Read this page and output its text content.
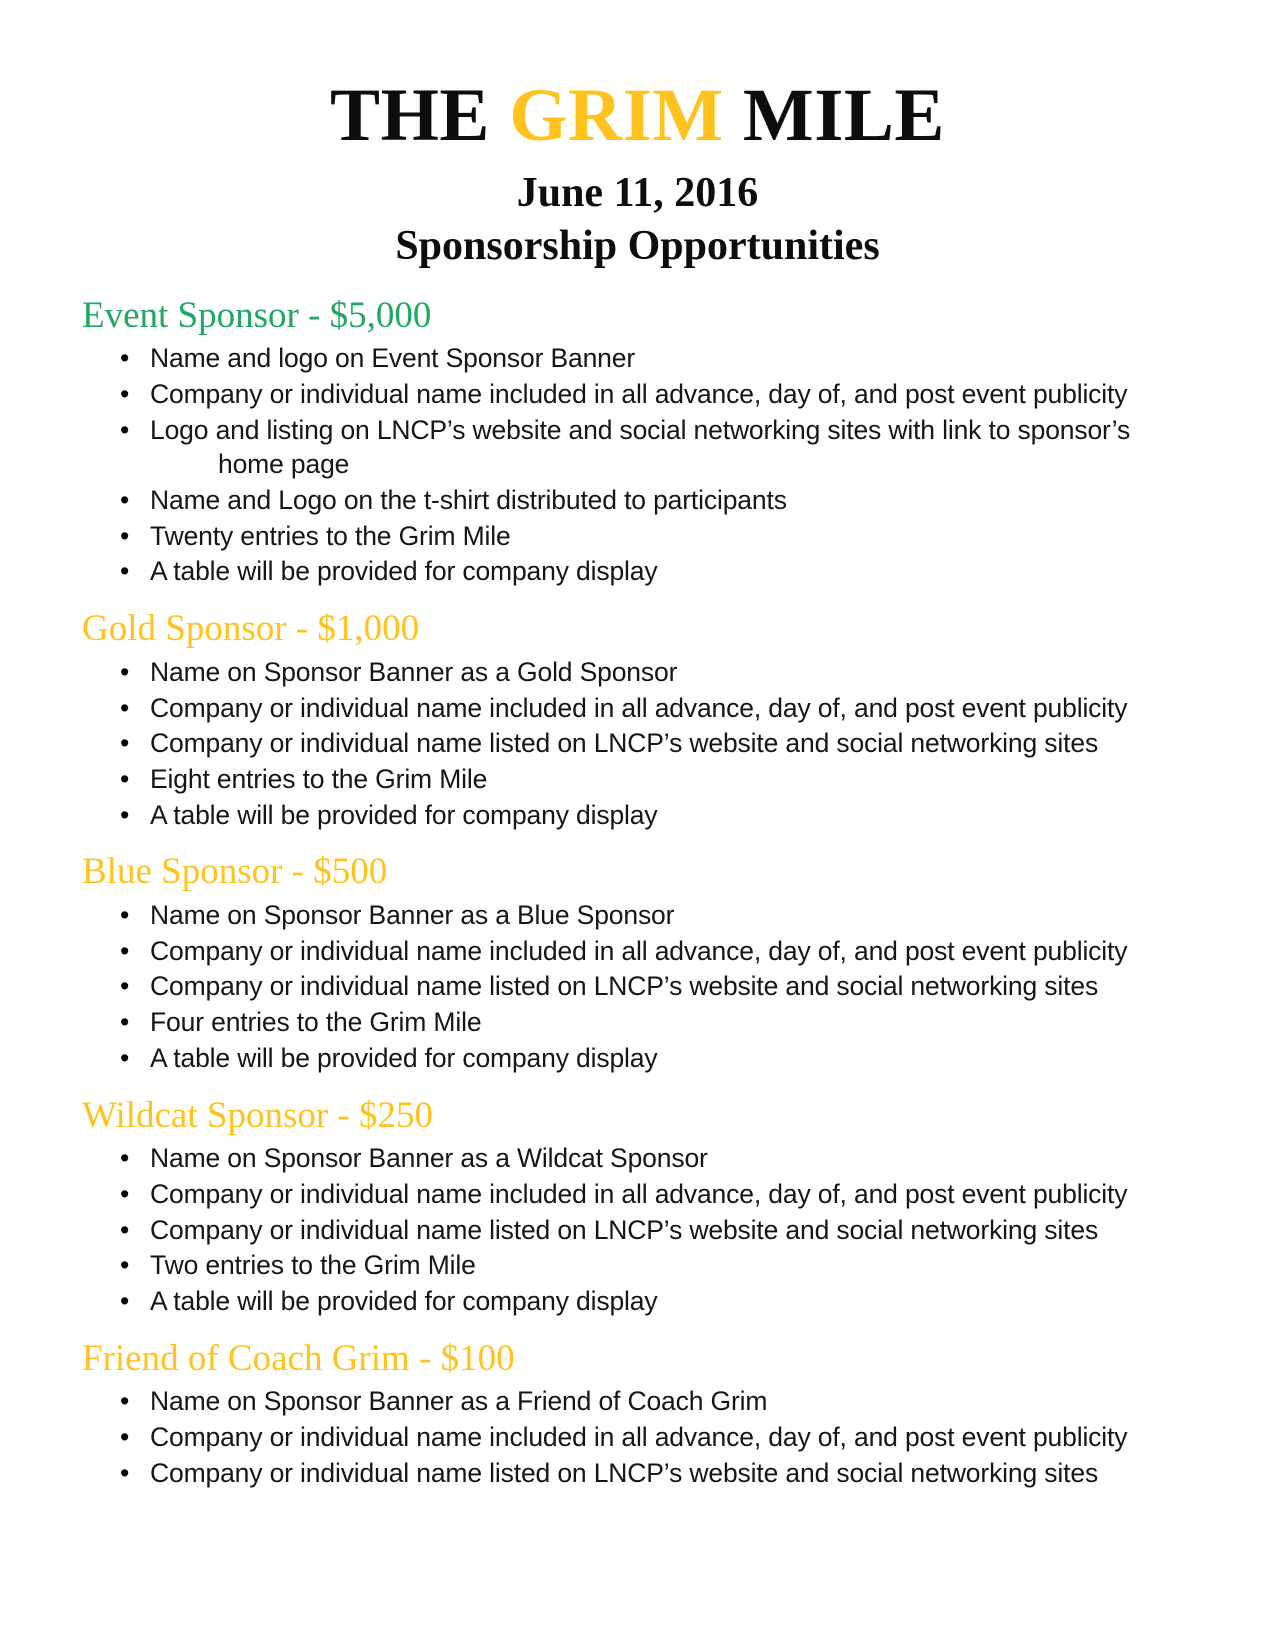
THE GRIM MILE
June 11, 2016
Sponsorship Opportunities
Event Sponsor - $5,000
• Name and logo on Event Sponsor Banner
• Company or individual name included in all advance, day of, and post event publicity
• Logo and listing on LNCP’s website and social networking sites with link to sponsor’s home page
• Name and Logo on the t-shirt distributed to participants
• Twenty entries to the Grim Mile
• A table will be provided for company display
Gold Sponsor - $1,000
• Name on Sponsor Banner as a Gold Sponsor
• Company or individual name included in all advance, day of, and post event publicity
• Company or individual name listed on LNCP’s website and social networking sites
• Eight entries to the Grim Mile
• A table will be provided for company display
Blue Sponsor - $500
• Name on Sponsor Banner as a Blue Sponsor
• Company or individual name included in all advance, day of, and post event publicity
• Company or individual name listed on LNCP’s website and social networking sites
• Four entries to the Grim Mile
• A table will be provided for company display
Wildcat Sponsor - $250
• Name on Sponsor Banner as a Wildcat Sponsor
• Company or individual name included in all advance, day of, and post event publicity
• Company or individual name listed on LNCP’s website and social networking sites
• Two entries to the Grim Mile
• A table will be provided for company display
Friend of Coach Grim - $100
• Name on Sponsor Banner as a Friend of Coach Grim
• Company or individual name included in all advance, day of, and post event publicity
• Company or individual name listed on LNCP’s website and social networking sites
